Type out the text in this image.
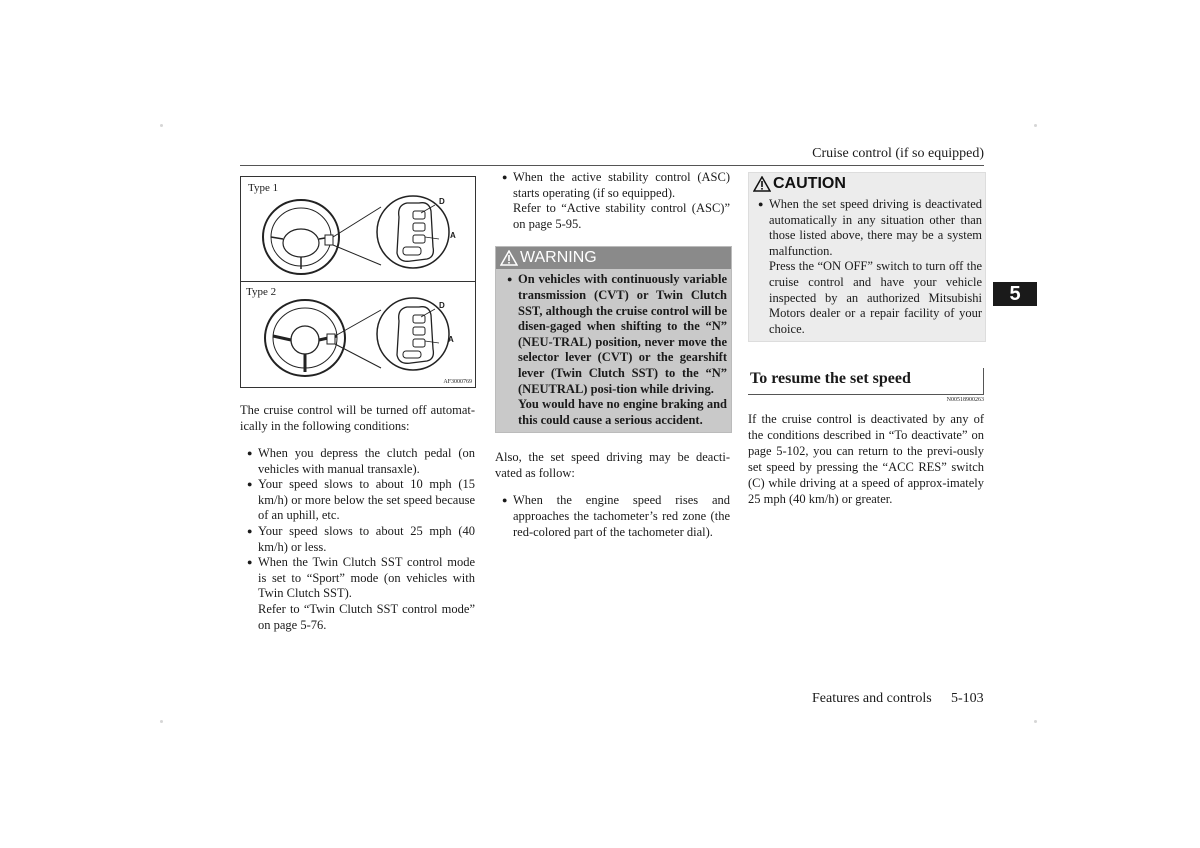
Cruise control (if so equipped)
5
Type 1
Type 2
D
A
D
A
AF3000769

The cruise control will be turned off automat-ically in the following conditions:

● When you depress the clutch pedal (on vehicles with manual transaxle).
● Your speed slows to about 10 mph (15 km/h) or more below the set speed because of an uphill, etc.
● Your speed slows to about 25 mph (40 km/h) or less.
● When the Twin Clutch SST control mode is set to “Sport” mode (on vehicles with Twin Clutch SST).
Refer to “Twin Clutch SST control mode” on page 5-76.
● When the active stability control (ASC) starts operating (if so equipped).
Refer to “Active stability control (ASC)” on page 5-95.
WARNING
● On vehicles with continuously variable transmission (CVT) or Twin Clutch SST, although the cruise control will be disen-gaged when shifting to the “N” (NEU-TRAL) position, never move the selector lever (CVT) or the gearshift lever (Twin Clutch SST) to the “N” (NEUTRAL) posi-tion while driving.
You would have no engine braking and this could cause a serious accident.

Also, the set speed driving may be deacti-vated as follow:

● When the engine speed rises and approaches the tachometer’s red zone (the red-colored part of the tachometer dial).
CAUTION
● When the set speed driving is deactivated automatically in any situation other than those listed above, there may be a system malfunction.
Press the “ON OFF” switch to turn off the cruise control and have your vehicle inspected by an authorized Mitsubishi Motors dealer or a repair facility of your choice.
To resume the set speed
N00518900263

If the cruise control is deactivated by any of the conditions described in “To deactivate” on page 5-102, you can return to the previ-ously set speed by pressing the “ACC RES” switch (C) while driving at a speed of approx-imately 25 mph (40 km/h) or greater.

Features and controls 5-103
